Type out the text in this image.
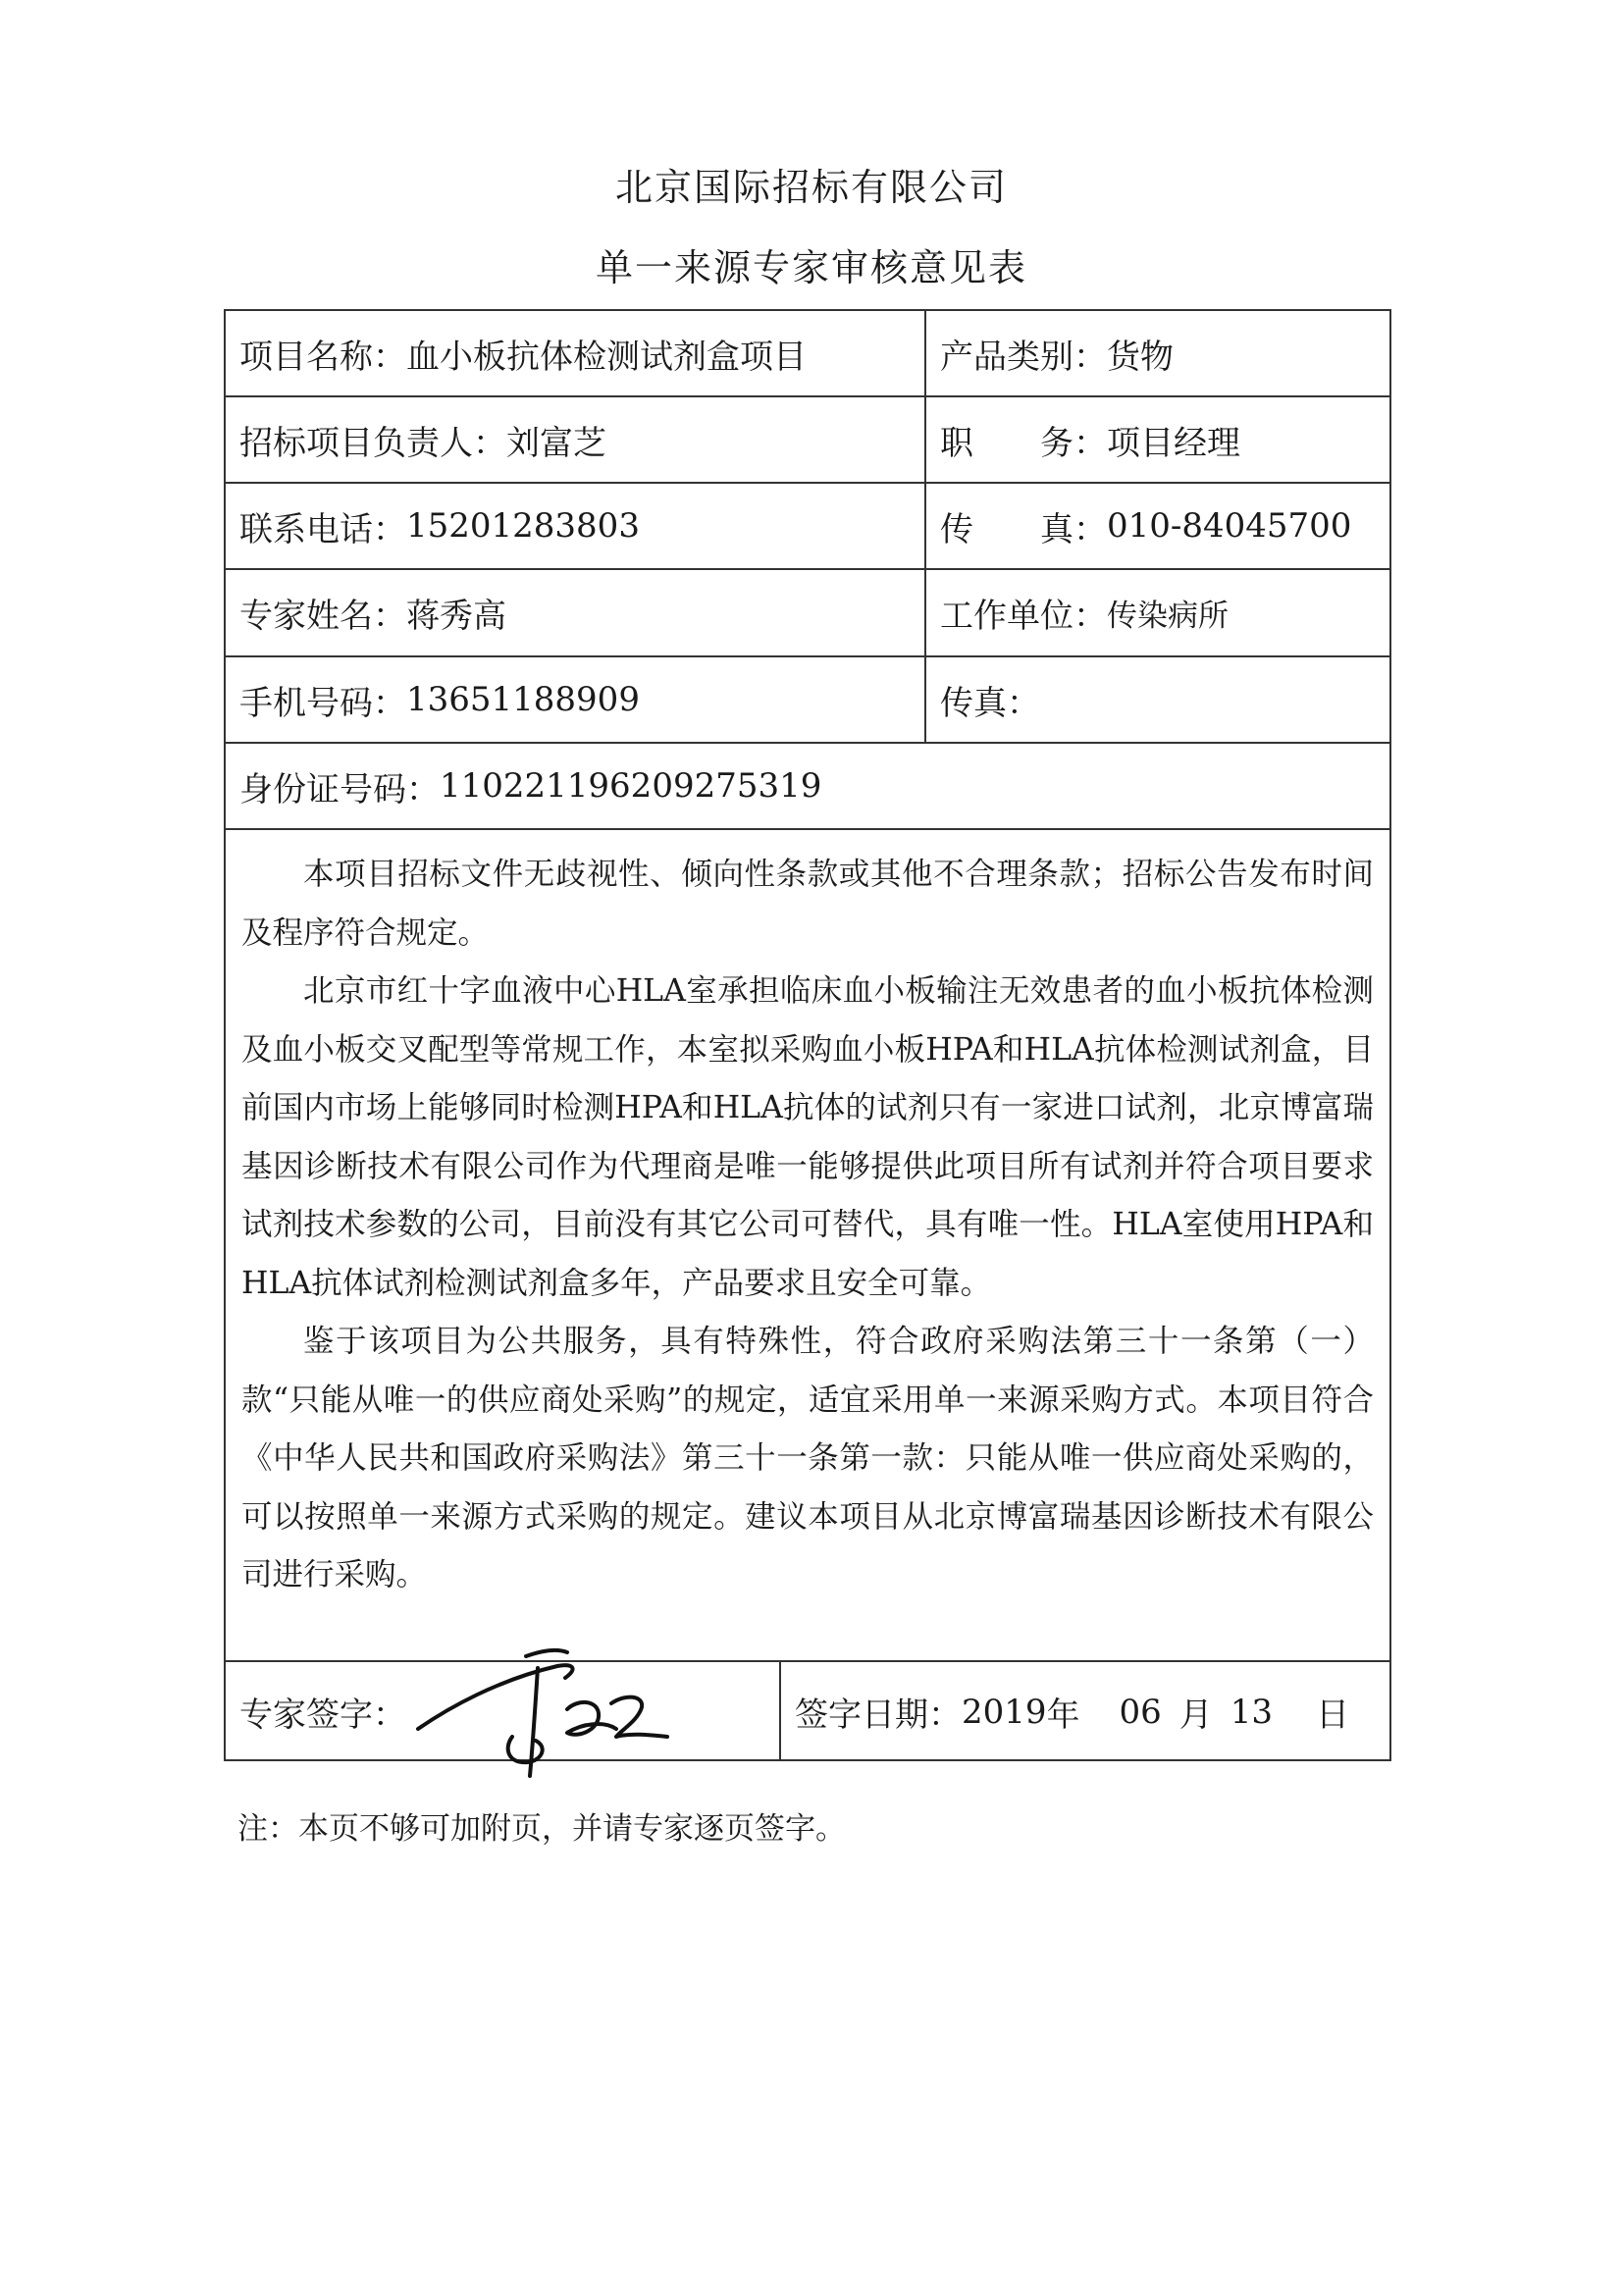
北京国际招标有限公司
单一来源专家审核意见表
项目名称： 血小板抗体检测试剂盒项目	产品类别： 货物
招标项目负责人： 刘富芝	职　　务： 项目经理
联系电话： 15201283803	传　　真： 010-84045700
专家姓名： 蒋秀高	工作单位： 传染病所
手机号码： 13651188909	传真：
身份证号码： 110221196209275319

本项目招标文件无歧视性、倾向性条款或其他不合理条款；招标公告发布时间及程序符合规定。

北京市红十字血液中心HLA室承担临床血小板输注无效患者的血小板抗体检测及血小板交叉配型等常规工作，本室拟采购血小板HPA和HLA抗体检测试剂盒，目前国内市场上能够同时检测HPA和HLA抗体的试剂只有一家进口试剂，北京博富瑞基因诊断技术有限公司作为代理商是唯一能够提供此项目所有试剂并符合项目要求试剂技术参数的公司，目前没有其它公司可替代，具有唯一性。HLA室使用HPA和HLA抗体试剂检测试剂盒多年，产品要求且安全可靠。

鉴于该项目为公共服务，具有特殊性，符合政府采购法第三十一条第（一）款“只能从唯一的供应商处采购”的规定，适宜采用单一来源采购方式。本项目符合《中华人民共和国政府采购法》第三十一条第一款：只能从唯一供应商处采购的，可以按照单一来源方式采购的规定。建议本项目从北京博富瑞基因诊断技术有限公司进行采购。

专家签字：	签字日期： 2019 年 06 月 13 日
注：本页不够可加附页，并请专家逐页签字。
